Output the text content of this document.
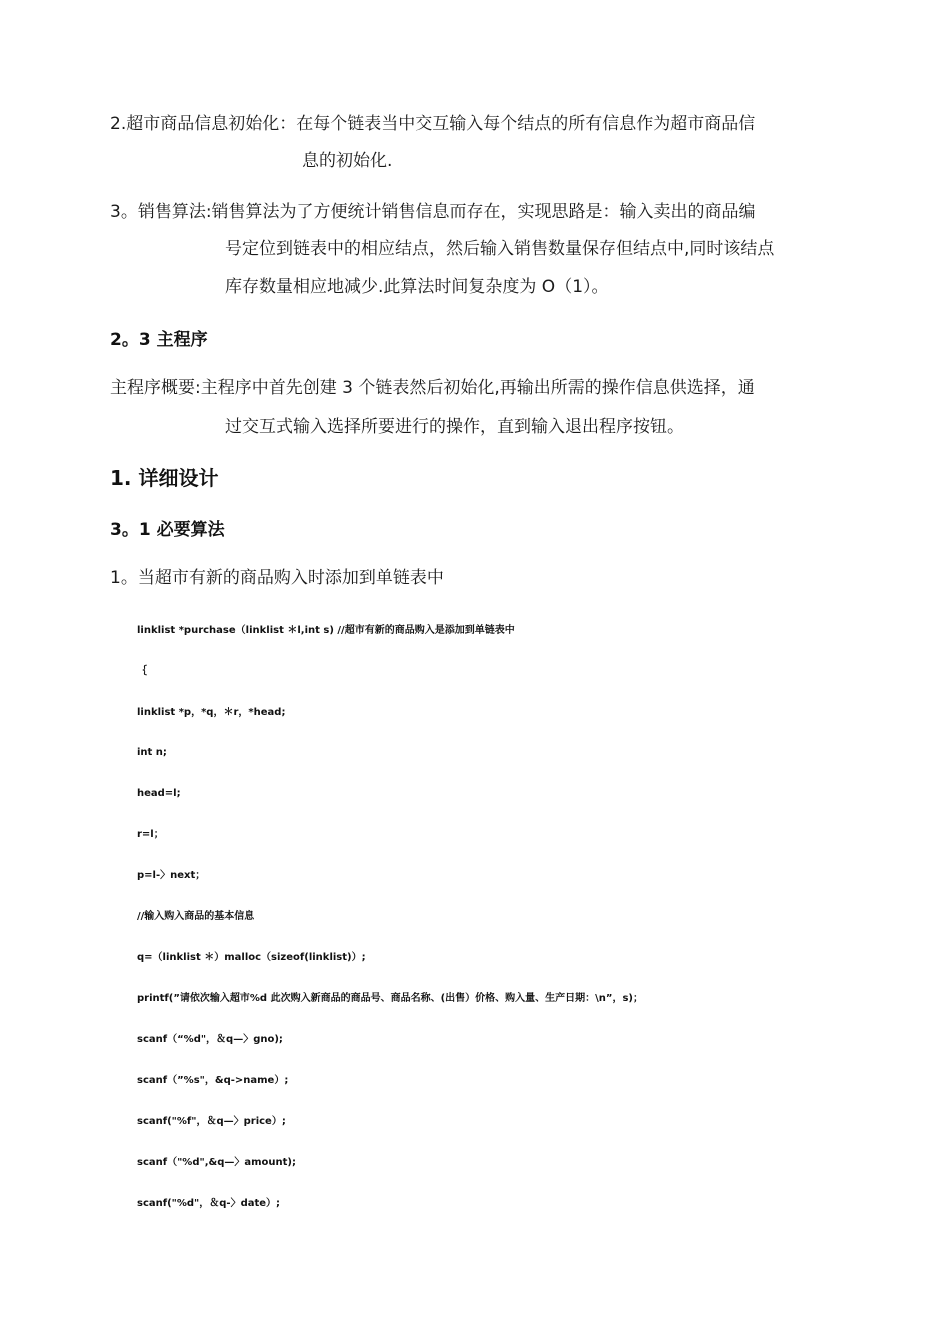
2.超市商品信息初始化：在每个链表当中交互输入每个结点的所有信息作为超市商品信
息的初始化.
3。销售算法:销售算法为了方便统计销售信息而存在，实现思路是：输入卖出的商品编
号定位到链表中的相应结点，然后输入销售数量保存但结点中,同时该结点
库存数量相应地减少.此算法时间复杂度为 O（1）。
2。3 主程序
主程序概要:主程序中首先创建 3 个链表然后初始化,再输出所需的操作信息供选择，通
过交互式输入选择所要进行的操作，直到输入退出程序按钮。
1. 详细设计
3。1 必要算法
1。当超市有新的商品购入时添加到单链表中
linklist *purchase（linklist ＊l,int s) //超市有新的商品购入是添加到单链表中
｛
linklist *p，*q，＊r，*head;
int n;
head=l;
r=l；
p=l-〉next；
//输入购入商品的基本信息
q=（linklist ＊）malloc（sizeof(linklist)）;
printf(”请依次输入超市%d 此次购入新商品的商品号、商品名称、(出售）价格、购入量、生产日期：\n”，s)；
scanf（“%d"，＆q—〉gno);
scanf（”%s"，&q->name）;
scanf("%f"，＆q—〉price）;
scanf（"%d",&q—〉amount);
scanf("%d"，＆q-〉date）;
